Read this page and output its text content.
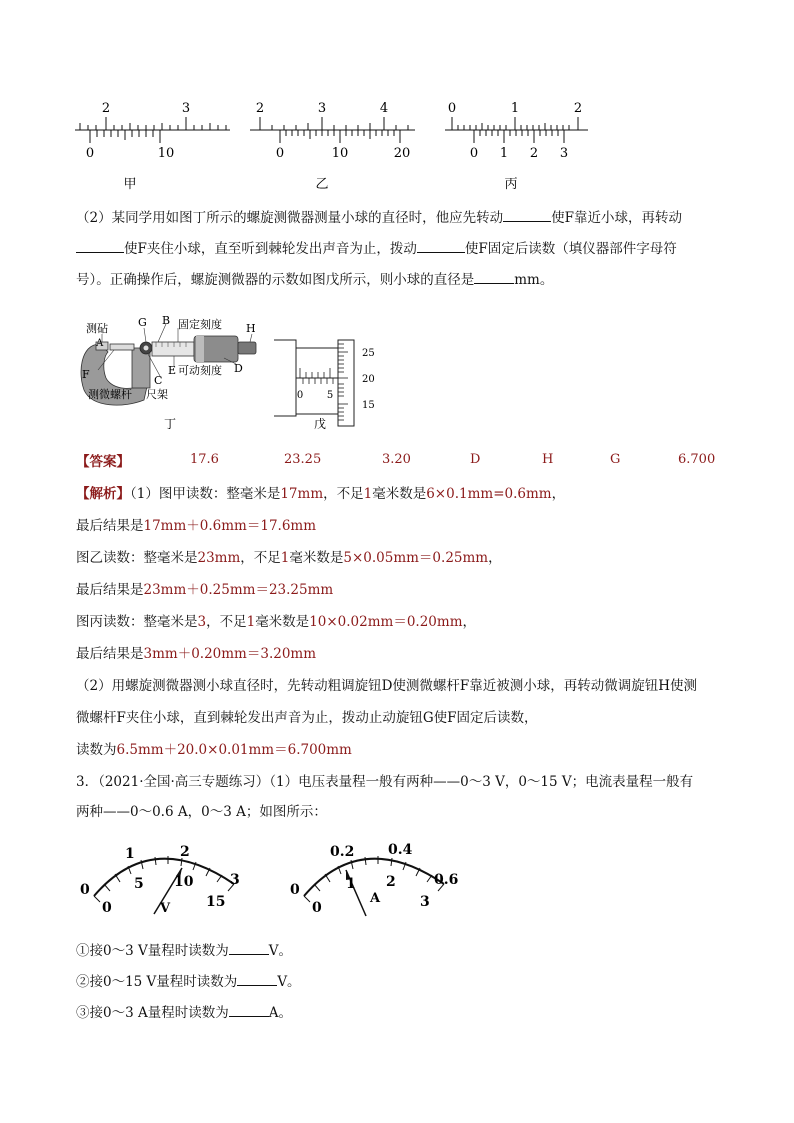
2	3
0	10
甲
2	3	4
0	10	20
乙
0	1	2
0 1 2 3
丙
（2）某同学用如图丁所示的螺旋测微器测量小球的直径时，他应先转动	使F靠近小球，再转动
使F夹住小球，直至听到棘轮发出声音为止，拨动	使F固定后读数（填仪器部件字母符
号）。正确操作后，螺旋测微器的示数如图戊所示，则小球的直径是	mm。
测砧
A
G B 固定刻度 H
F	C
E 可动刻度 D
测微螺杆 尺架
丁
25
20
15
0 5
戊
【答案】	17.6	23.25	3.20	D	H	G	6.700
【解析】（1）图甲读数：整毫米是17mm，不足1毫米数是6×0.1mm=0.6mm，
最后结果是17mm＋0.6mm＝17.6mm
图乙读数：整毫米是23mm，不足1毫米数是5×0.05mm＝0.25mm，
最后结果是23mm＋0.25mm＝23.25mm
图丙读数：整毫米是3，不足1毫米数是10×0.02mm＝0.20mm，
最后结果是3mm＋0.20mm＝3.20mm
（2）用螺旋测微器测小球直径时，先转动粗调旋钮D使测微螺杆F靠近被测小球，再转动微调旋钮H使测
微螺杆F夹住小球，直到棘轮发出声音为止，拨动止动旋钮G使F固定后读数，
读数为6.5mm＋20.0×0.01mm＝6.700mm
3．（2021·全国·高三专题练习）（1）电压表量程一般有两种——0～3 V，0～15 V；电流表量程一般有
两种——0～0.6 A，0～3 A；如图所示：
0
1	2
3
0
5 10
15
V
0
0.2 0.4
0.6
0
1 2
3
A
①接0～3 V量程时读数为	V。
②接0～15 V量程时读数为	V。
③接0～3 A量程时读数为	A。
